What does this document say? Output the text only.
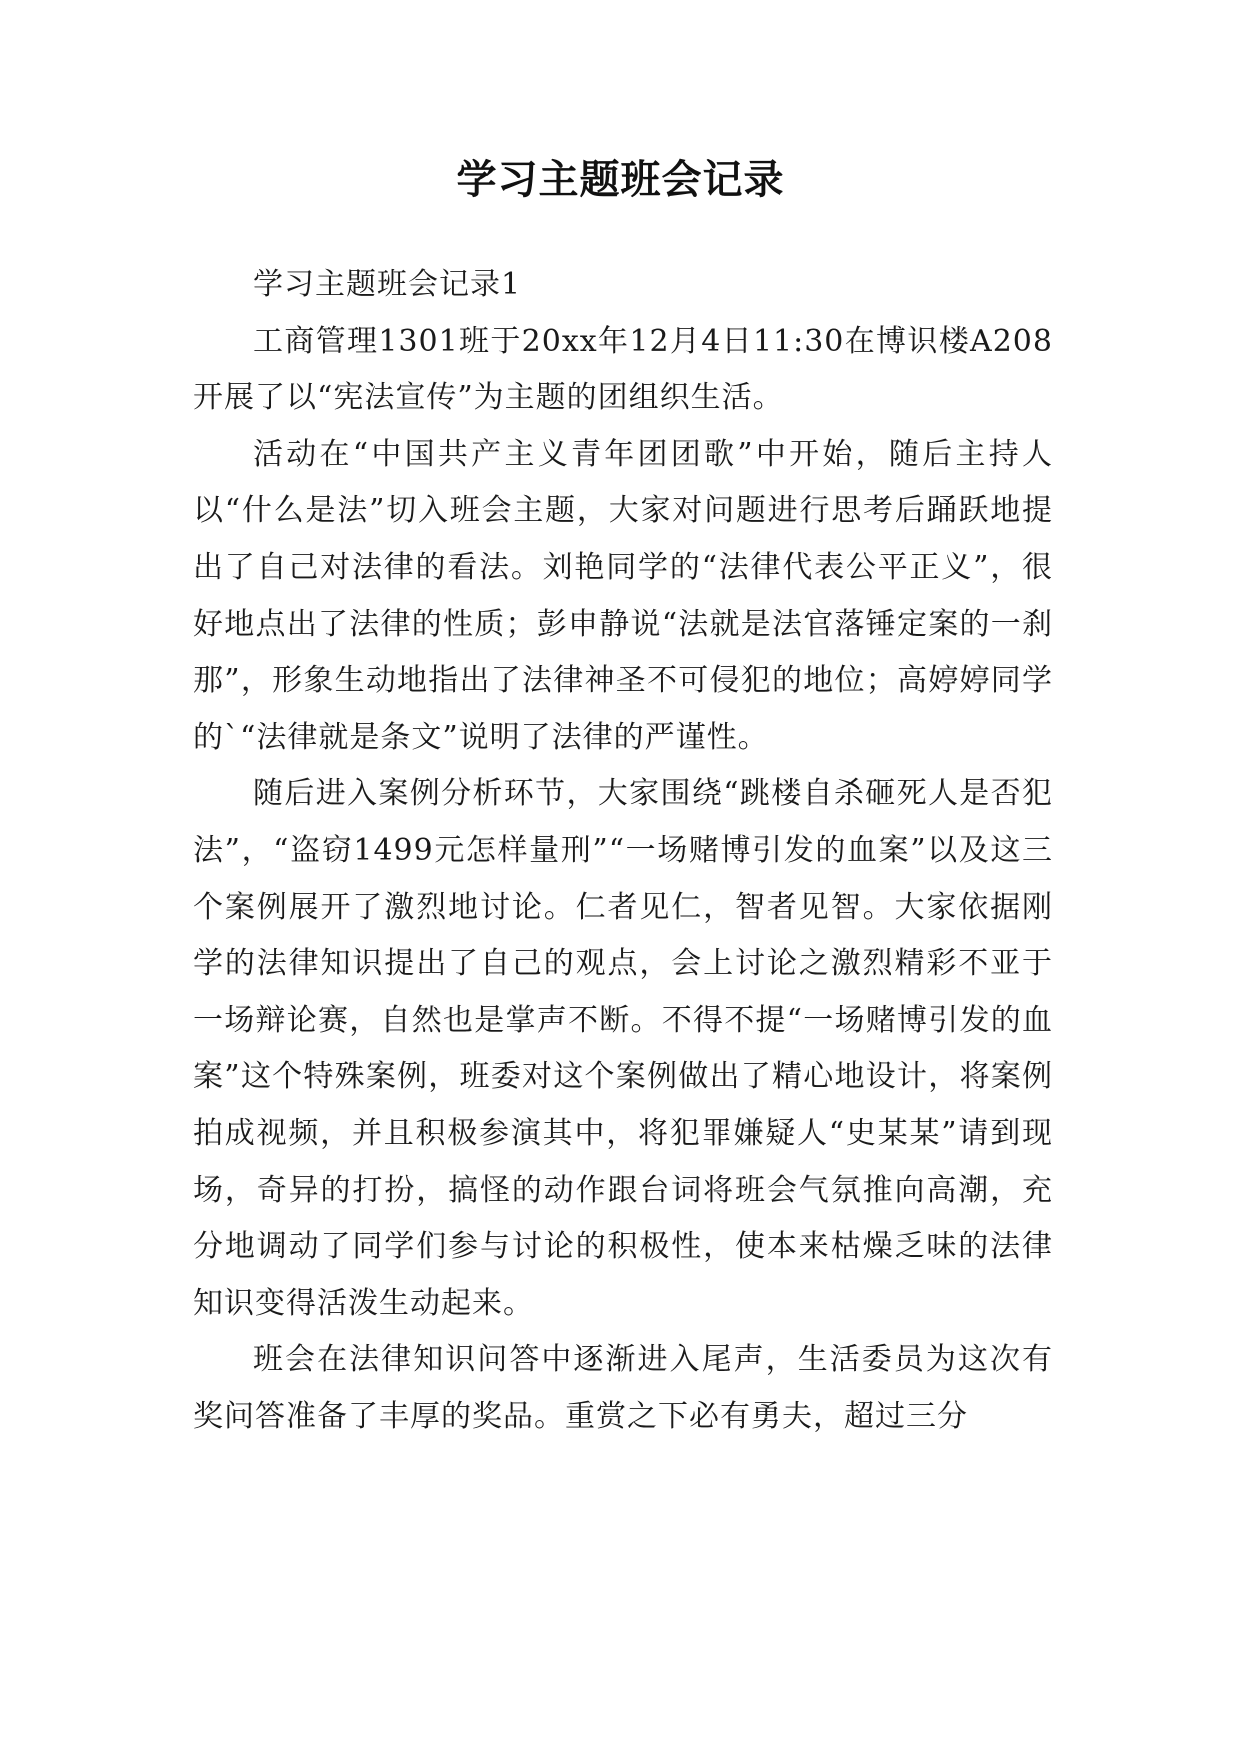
学习主题班会记录

学习主题班会记录1

工商管理1301班于20xx年12月4日11:30在博识楼A208开展了以“宪法宣传”为主题的团组织生活。

活动在“中国共产主义青年团团歌”中开始，随后主持人以“什么是法”切入班会主题，大家对问题进行思考后踊跃地提出了自己对法律的看法。刘艳同学的“法律代表公平正义”，很好地点出了法律的性质；彭申静说“法就是法官落锤定案的一刹那”，形象生动地指出了法律神圣不可侵犯的地位；高婷婷同学的`“法律就是条文”说明了法律的严谨性。

随后进入案例分析环节，大家围绕“跳楼自杀砸死人是否犯法”，“盗窃1499元怎样量刑”“一场赌博引发的血案”以及这三个案例展开了激烈地讨论。仁者见仁，智者见智。大家依据刚学的法律知识提出了自己的观点，会上讨论之激烈精彩不亚于一场辩论赛，自然也是掌声不断。不得不提“一场赌博引发的血案”这个特殊案例，班委对这个案例做出了精心地设计，将案例拍成视频，并且积极参演其中，将犯罪嫌疑人“史某某”请到现场，奇异的打扮，搞怪的动作跟台词将班会气氛推向高潮，充分地调动了同学们参与讨论的积极性，使本来枯燥乏味的法律知识变得活泼生动起来。

班会在法律知识问答中逐渐进入尾声，生活委员为这次有奖问答准备了丰厚的奖品。重赏之下必有勇夫，超过三分
